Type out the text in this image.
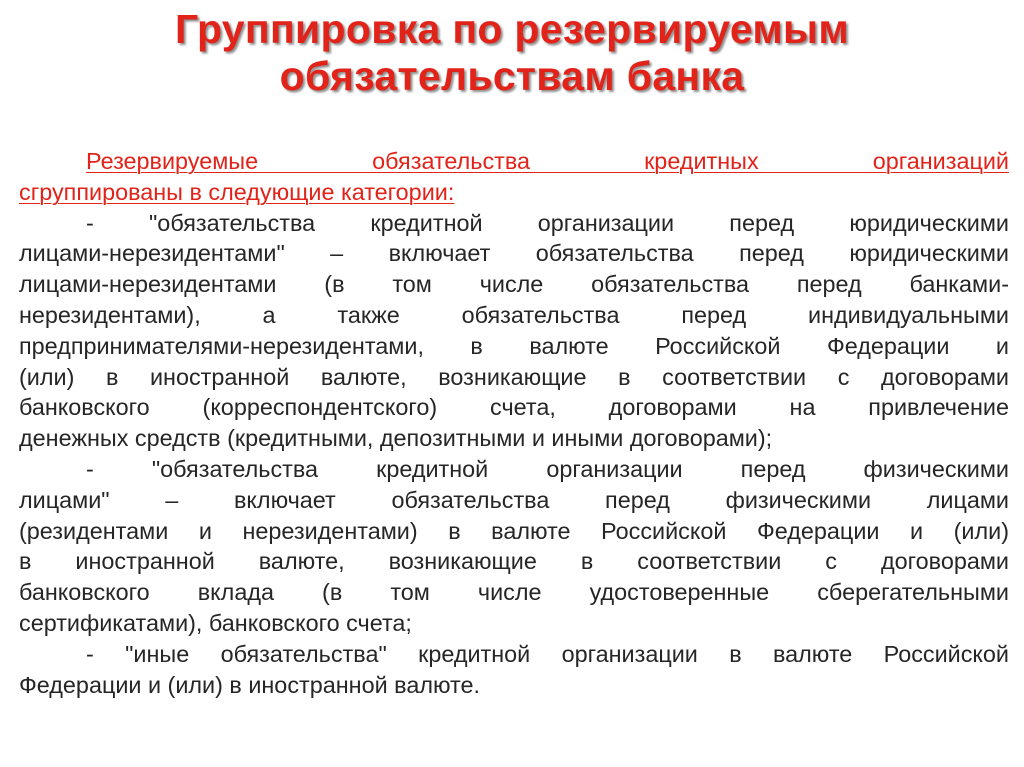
Группировка по резервируемым
обязательствам банка
Резервируемые обязательства кредитных организаций
сгруппированы в следующие категории:
- "обязательства кредитной организации перед юридическими
лицами-нерезидентами" – включает обязательства перед юридическими
лицами-нерезидентами (в том числе обязательства перед банками-
нерезидентами), а также обязательства перед индивидуальными
предпринимателями-нерезидентами, в валюте Российской Федерации и
(или) в иностранной валюте, возникающие в соответствии с договорами
банковского (корреспондентского) счета, договорами на привлечение
денежных средств (кредитными, депозитными и иными договорами);
- "обязательства кредитной организации перед физическими
лицами" – включает обязательства перед физическими лицами
(резидентами и нерезидентами) в валюте Российской Федерации и (или)
в иностранной валюте, возникающие в соответствии с договорами
банковского вклада (в том числе удостоверенные сберегательными
сертификатами), банковского счета;
- "иные обязательства" кредитной организации в валюте Российской
Федерации и (или) в иностранной валюте.
